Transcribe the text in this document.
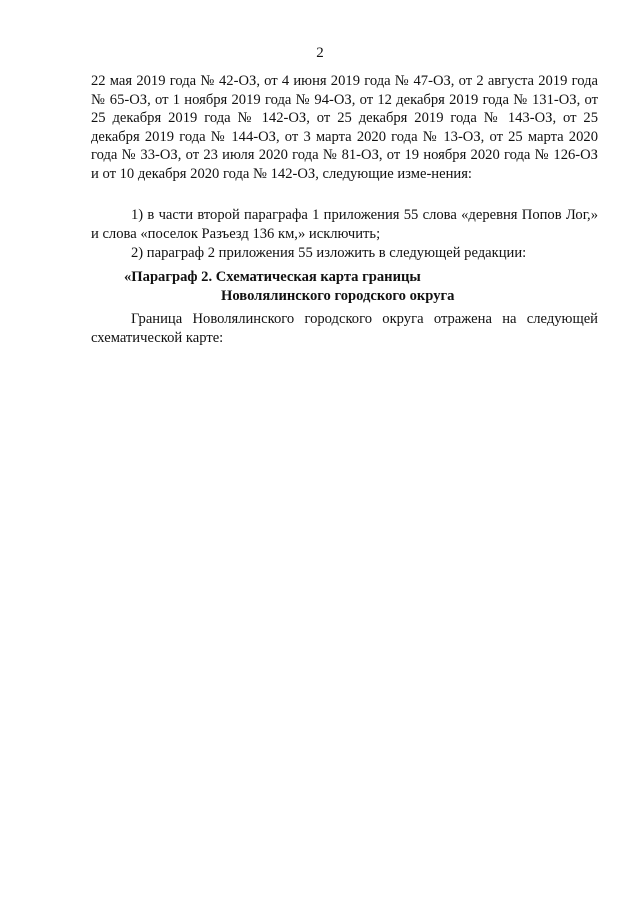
2
22 мая 2019 года № 42-ОЗ, от 4 июня 2019 года № 47-ОЗ, от 2 августа 2019 года № 65-ОЗ, от 1 ноября 2019 года № 94-ОЗ, от 12 декабря 2019 года № 131-ОЗ, от 25 декабря 2019 года № 142-ОЗ, от 25 декабря 2019 года № 143-ОЗ, от 25 декабря 2019 года № 144-ОЗ, от 3 марта 2020 года № 13-ОЗ, от 25 марта 2020 года № 33-ОЗ, от 23 июля 2020 года № 81-ОЗ, от 19 ноября 2020 года № 126-ОЗ и от 10 декабря 2020 года № 142-ОЗ, следующие изме-нения:
1) в части второй параграфа 1 приложения 55 слова «деревня Попов Лог,» и слова «поселок Разъезд 136 км,» исключить;
2) параграф 2 приложения 55 изложить в следующей редакции:
«Параграф 2. Схематическая карта границы
Новолялинского городского округа
Граница Новолялинского городского округа отражена на следующей схематической карте:
